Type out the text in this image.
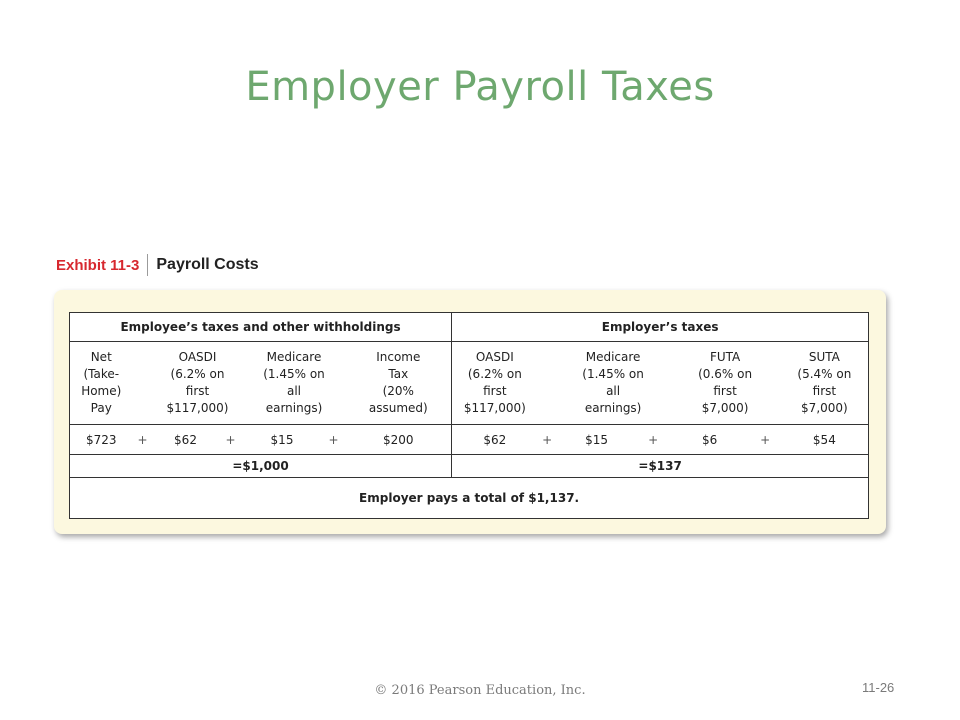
Employer Payroll Taxes
Exhibit 11-3 Payroll Costs
Employee’s taxes and other withholdings							Employer’s taxes						

Net
(Take-
Home)
Pay		OASDI
(6.2% on
first
$117,000)		Medicare
(1.45% on
all
earnings)		Income
Tax
(20%
assumed)	OASDI
(6.2% on
first
$117,000)		Medicare
(1.45% on
all
earnings)		FUTA
(0.6% on
first
$7,000)		SUTA
(5.4% on
first
$7,000)

$723	+	$62	+	$15	+	$200	$62	+	$15	+	$6	+	$54
=$1,000							=$137						
Employer pays a total of $1,137.													
© 2016 Pearson Education, Inc.	11-26
